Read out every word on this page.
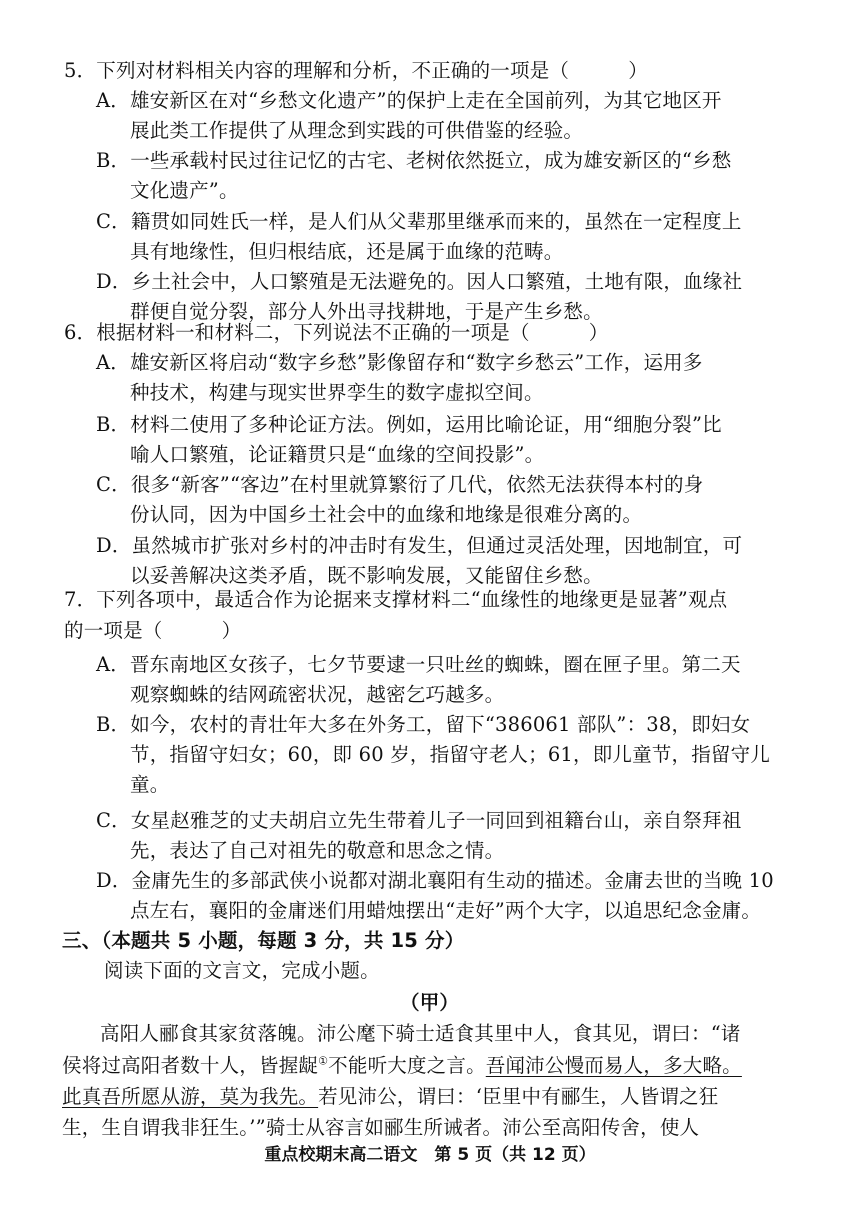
5．下列对材料相关内容的理解和分析，不正确的一项是（　　　）
A．雄安新区在对“乡愁文化遗产”的保护上走在全国前列，为其它地区开
展此类工作提供了从理念到实践的可供借鉴的经验。
B．一些承载村民过往记忆的古宅、老树依然挺立，成为雄安新区的“乡愁
文化遗产”。
C．籍贯如同姓氏一样，是人们从父辈那里继承而来的，虽然在一定程度上
具有地缘性，但归根结底，还是属于血缘的范畴。
D．乡土社会中，人口繁殖是无法避免的。因人口繁殖，土地有限，血缘社
群便自觉分裂，部分人外出寻找耕地，于是产生乡愁。
6．根据材料一和材料二，下列说法不正确的一项是（　　　）
A．雄安新区将启动“数字乡愁”影像留存和“数字乡愁云”工作，运用多
种技术，构建与现实世界孪生的数字虚拟空间。
B．材料二使用了多种论证方法。例如，运用比喻论证，用“细胞分裂”比
喻人口繁殖，论证籍贯只是“血缘的空间投影”。
C．很多“新客”“客边”在村里就算繁衍了几代，依然无法获得本村的身
份认同，因为中国乡土社会中的血缘和地缘是很难分离的。
D．虽然城市扩张对乡村的冲击时有发生，但通过灵活处理，因地制宜，可
以妥善解决这类矛盾，既不影响发展，又能留住乡愁。
7．下列各项中，最适合作为论据来支撑材料二“血缘性的地缘更是显著”观点
的一项是（　　　）
A．晋东南地区女孩子，七夕节要逮一只吐丝的蜘蛛，圈在匣子里。第二天
观察蜘蛛的结网疏密状况，越密乞巧越多。
B．如今，农村的青壮年大多在外务工，留下“386061 部队”：38，即妇女
节，指留守妇女；60，即 60 岁，指留守老人；61，即儿童节，指留守儿
童。
C．女星赵雅芝的丈夫胡启立先生带着儿子一同回到祖籍台山，亲自祭拜祖
先，表达了自己对祖先的敬意和思念之情。
D．金庸先生的多部武侠小说都对湖北襄阳有生动的描述。金庸去世的当晚 10
点左右，襄阳的金庸迷们用蜡烛摆出“走好”两个大字，以追思纪念金庸。
三、（本题共 5 小题，每题 3 分，共 15 分）
阅读下面的文言文，完成小题。
（甲）
高阳人郦食其家贫落魄。沛公麾下骑士适食其里中人，食其见，谓曰：“诸
侯将过高阳者数十人，皆握龊①不能听大度之言。吾闻沛公慢而易人，多大略。
此真吾所愿从游，莫为我先。若见沛公，谓曰：‘臣里中有郦生，人皆谓之狂
生，生自谓我非狂生。’”骑士从容言如郦生所诫者。沛公至高阳传舍，使人
重点校期末高二语文　第 5 页（共 12 页）
